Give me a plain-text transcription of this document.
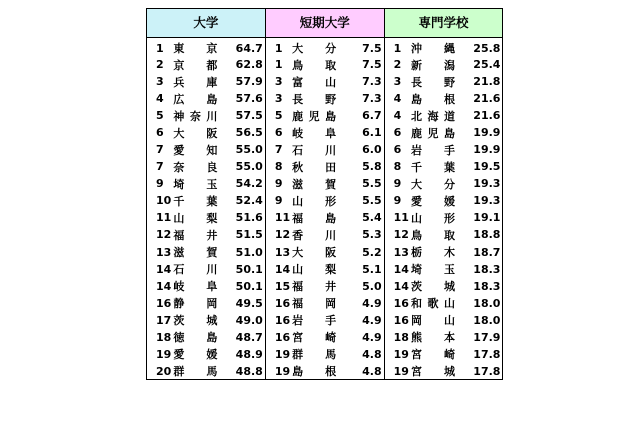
大学			短期大学			専門学校		
1	東 京	64.7	1	大 分	7.5	1	沖 縄	25.8
2	京 都	62.8	1	鳥 取	7.5	2	新 潟	25.4
3	兵 庫	57.9	3	富 山	7.3	3	長 野	21.8
4	広 島	57.6	3	長 野	7.3	4	島 根	21.6
5	神 奈 川	57.5	5	鹿 児 島	6.7	4	北 海 道	21.6
6	大 阪	56.5	6	岐 阜	6.1	6	鹿 児 島	19.9
7	愛 知	55.0	7	石 川	6.0	6	岩 手	19.9
7	奈 良	55.0	8	秋 田	5.8	8	千 葉	19.5
9	埼 玉	54.2	9	滋 賀	5.5	9	大 分	19.3
10	千 葉	52.4	9	山 形	5.5	9	愛 媛	19.3
11	山 梨	51.6	11	福 島	5.4	11	山 形	19.1
12	福 井	51.5	12	香 川	5.3	12	鳥 取	18.8
13	滋 賀	51.0	13	大 阪	5.2	13	栃 木	18.7
14	石 川	50.1	14	山 梨	5.1	14	埼 玉	18.3
14	岐 阜	50.1	15	福 井	5.0	14	茨 城	18.3
16	静 岡	49.5	16	福 岡	4.9	16	和 歌 山	18.0
17	茨 城	49.0	16	岩 手	4.9	16	岡 山	18.0
18	徳 島	48.7	16	宮 崎	4.9	18	熊 本	17.9
19	愛 媛	48.9	19	群 馬	4.8	19	宮 崎	17.8
20	群 馬	48.8	19	島 根	4.8	19	宮 城	17.8
